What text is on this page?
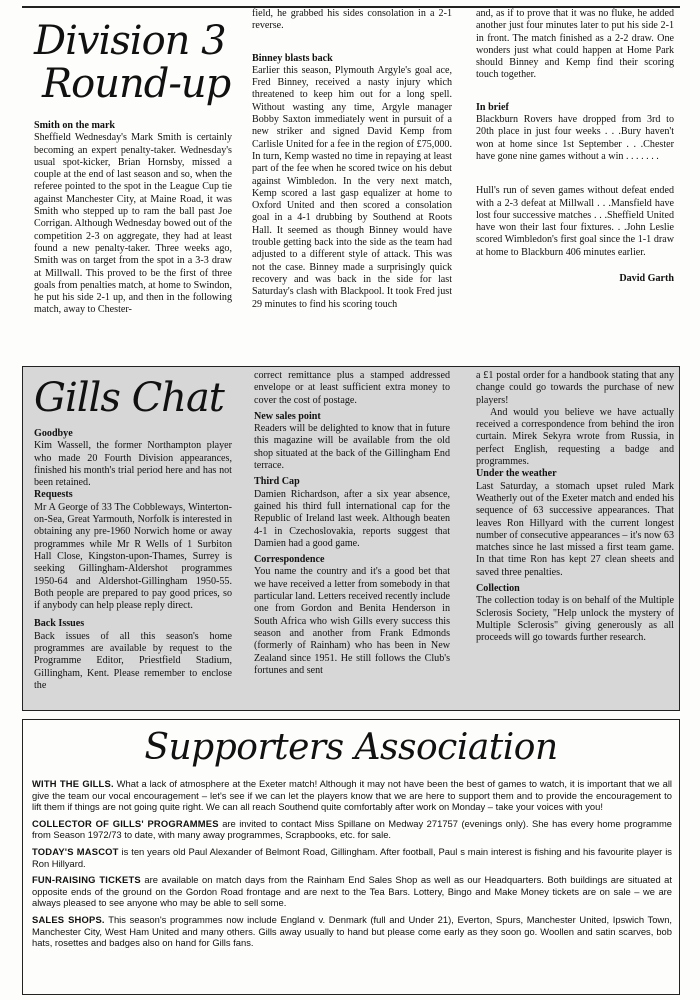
Division 3
Round-up

Smith on the mark

Sheffield Wednesday's Mark Smith is certainly becoming an expert penalty-taker. Wednesday's usual spot-kicker, Brian Hornsby, missed a couple at the end of last season and so, when the referee pointed to the spot in the League Cup tie against Manchester City, at Maine Road, it was Smith who stepped up to ram the ball past Joe Corrigan. Although Wednesday bowed out of the competition 2-3 on aggregate, they had at least found a new penalty-taker. Three weeks ago, Smith was on target from the spot in a 3-3 draw at Millwall. This proved to be the first of three goals from penalties match, at home to Swindon, he put his side 2-1 up, and then in the following match, away to Chester-

field, he grabbed his sides consolation in a 2-1 reverse.

Binney blasts back

Earlier this season, Plymouth Argyle's goal ace, Fred Binney, received a nasty injury which threatened to keep him out for a long spell. Without wasting any time, Argyle manager Bobby Saxton immediately went in pursuit of a new striker and signed David Kemp from Carlisle United for a fee in the region of £75,000. In turn, Kemp wasted no time in repaying at least part of the fee when he scored twice on his debut against Wimbledon. In the very next match, Kemp scored a last gasp equalizer at home to Oxford United and then scored a consolation goal in a 4-1 drubbing by Southend at Roots Hall. It seemed as though Binney would have trouble getting back into the side as the team had adjusted to a different style of attack. This was not the case. Binney made a surprisingly quick recovery and was back in the side for last Saturday's clash with Blackpool. It took Fred just 29 minutes to find his scoring touch

and, as if to prove that it was no fluke, he added another just four minutes later to put his side 2-1 in front. The match finished as a 2-2 draw. One wonders just what could happen at Home Park should Binney and Kemp find their scoring touch together.

In brief

Blackburn Rovers have dropped from 3rd to 20th place in just four weeks . . .Bury haven't won at home since 1st September . . .Chester have gone nine games without a win . . . . . . .

Hull's run of seven games without defeat ended with a 2-3 defeat at Millwall . . .Mansfield have lost four successive matches . . .Sheffield United have won their last four fixtures. . .John Leslie scored Wimbledon's first goal since the 1-1 draw at home to Blackburn 406 minutes earlier.

David Garth

Gills Chat

Goodbye

Kim Wassell, the former Northampton player who made 20 Fourth Division appearances, finished his month's trial period here and has not been retained.

Requests

Mr A George of 33 The Cobbleways, Winterton-on-Sea, Great Yarmouth, Norfolk is interested in obtaining any pre-1960 Norwich home or away programmes while Mr R Wells of 1 Surbiton Hall Close, Kingston-upon-Thames, Surrey is seeking Gillingham-Aldershot programmes 1950-64 and Aldershot-Gillingham 1950-55. Both people are prepared to pay good prices, so if anybody can help please reply direct.

Back Issues

Back issues of all this season's home programmes are available by request to the Programme Editor, Priestfield Stadium, Gillingham, Kent. Please remember to enclose the

correct remittance plus a stamped addressed envelope or at least sufficient extra money to cover the cost of postage.

New sales point

Readers will be delighted to know that in future this magazine will be available from the old shop situated at the back of the Gillingham End terrace.

Third Cap

Damien Richardson, after a six year absence, gained his third full international cap for the Republic of Ireland last week. Although beaten 4-1 in Czechoslovakia, reports suggest that Damien had a good game.

Correspondence

You name the country and it's a good bet that we have received a letter from somebody in that particular land. Letters received recently include one from Gordon and Benita Henderson in South Africa who wish Gills every success this season and another from Frank Edmonds (formerly of Rainham) who has been in New Zealand since 1951. He still follows the Club's fortunes and sent

a £1 postal order for a handbook stating that any change could go towards the purchase of new players!

And would you believe we have actually received a correspondence from behind the iron curtain. Mirek Sekyra wrote from Russia, in perfect English, requesting a badge and programmes.

Under the weather

Last Saturday, a stomach upset ruled Mark Weatherly out of the Exeter match and ended his sequence of 63 successive appearances. That leaves Ron Hillyard with the current longest number of consecutive appearances – it's now 63 matches since he last missed a first team game. In that time Ron has kept 27 clean sheets and saved three penalties.

Collection

The collection today is on behalf of the Multiple Sclerosis Society, "Help unlock the mystery of Multiple Sclerosis" giving generously as all proceeds will go towards further research.

Supporters Association

WITH THE GILLS. What a lack of atmosphere at the Exeter match! Although it may not have been the best of games to watch, it is important that we all give the team our vocal encouragement – let's see if we can let the players know that we are here to support them and to provide the encouragement to lift them if things are not going quite right. We can all reach Southend quite comfortably after work on Monday – take your voices with you!

COLLECTOR OF GILLS' PROGRAMMES are invited to contact Miss Spillane on Medway 271757 (evenings only). She has every home programme from Season 1972/73 to date, with many away programmes, Scrapbooks, etc. for sale.

TODAY'S MASCOT is ten years old Paul Alexander of Belmont Road, Gillingham. After football, Paul s main interest is fishing and his favourite player is Ron Hillyard.

FUN-RAISING TICKETS are available on match days from the Rainham End Sales Shop as well as our Headquarters. Both buildings are situated at opposite ends of the ground on the Gordon Road frontage and are next to the Tea Bars. Lottery, Bingo and Make Money tickets are on sale – we are always pleased to see anyone who may be able to sell some.

SALES SHOPS. This season's programmes now include England v. Denmark (full and Under 21), Everton, Spurs, Manchester United, Ipswich Town, Manchester City, West Ham United and many others. Gills away usually to hand but please come early as they soon go. Woollen and satin scarves, bob hats, rosettes and badges also on hand for Gills fans.
